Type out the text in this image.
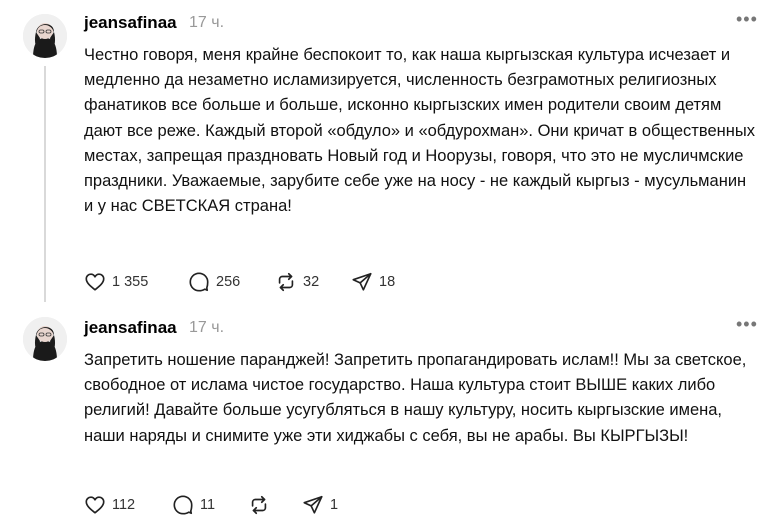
jeansafinaa 17 ч.	•••
Честно говоря, меня крайне беспокоит то, как наша кыргызская культура исчезает и медленно да незаметно исламизируется, численность безграмотных религиозных фанатиков все больше и больше, исконно кыргызских имен родители своим детям дают все реже. Каждый второй «обдуло» и «обдурохман». Они кричат в общественных местах, запрещая праздновать Новый год и Ноорузы, говоря, что это не мусличмские праздники. Уважаемые, зарубите себе уже на носу - не каждый кыргыз - мусульманин и у нас СВЕТСКАЯ страна!
1 355	256	32	18
jeansafinaa 17 ч.	•••
Запретить ношение паранджей! Запретить пропагандировать ислам!! Мы за светское, свободное от ислама чистое государство. Наша культура стоит ВЫШЕ каких либо религий! Давайте больше усугубляться в нашу культуру, носить кыргызские имена, наши наряды и снимите уже эти хиджабы с себя, вы не арабы. Вы КЫРГЫЗЫ!
112	11	1
